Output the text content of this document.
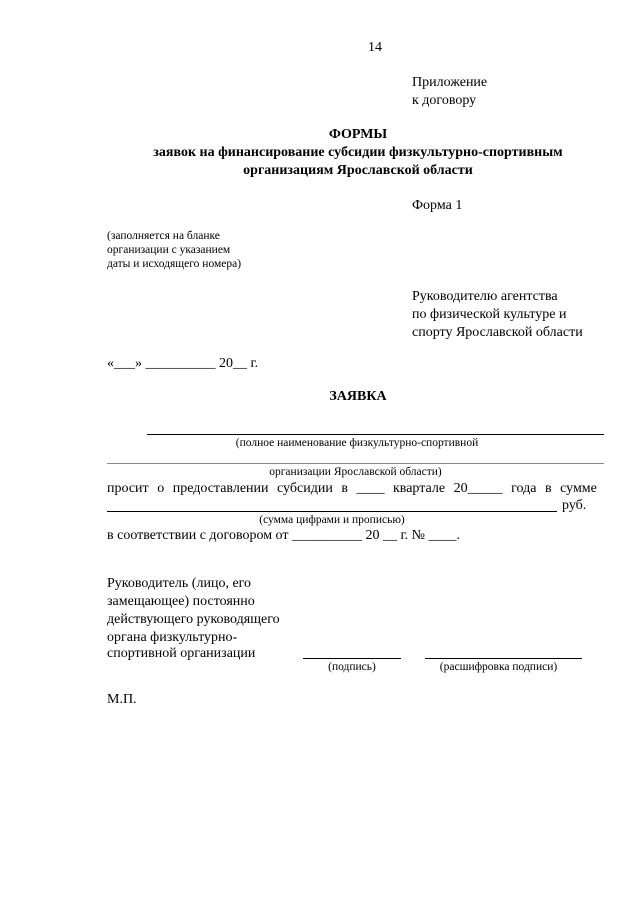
14
Приложение
к договору
ФОРМЫ
заявок на финансирование субсидии физкультурно-спортивным
организациям Ярославской области
Форма 1
(заполняется на бланке
организации с указанием
даты и исходящего номера)
Руководителю агентства
по физической культуре и
спорту Ярославской области
«___» __________ 20__ г.
ЗАЯВКА
(полное наименование физкультурно-спортивной
организации Ярославской области)
просит о предоставлении субсидии в ____ квартале 20_____ года в сумме
руб.
(сумма цифрами и прописью)
в соответствии с договором от __________ 20 __ г. № ____.
Руководитель (лицо, его
замещающее) постоянно
действующего руководящего
органа физкультурно-
спортивной организации
(подпись)	(расшифровка подписи)
М.П.
